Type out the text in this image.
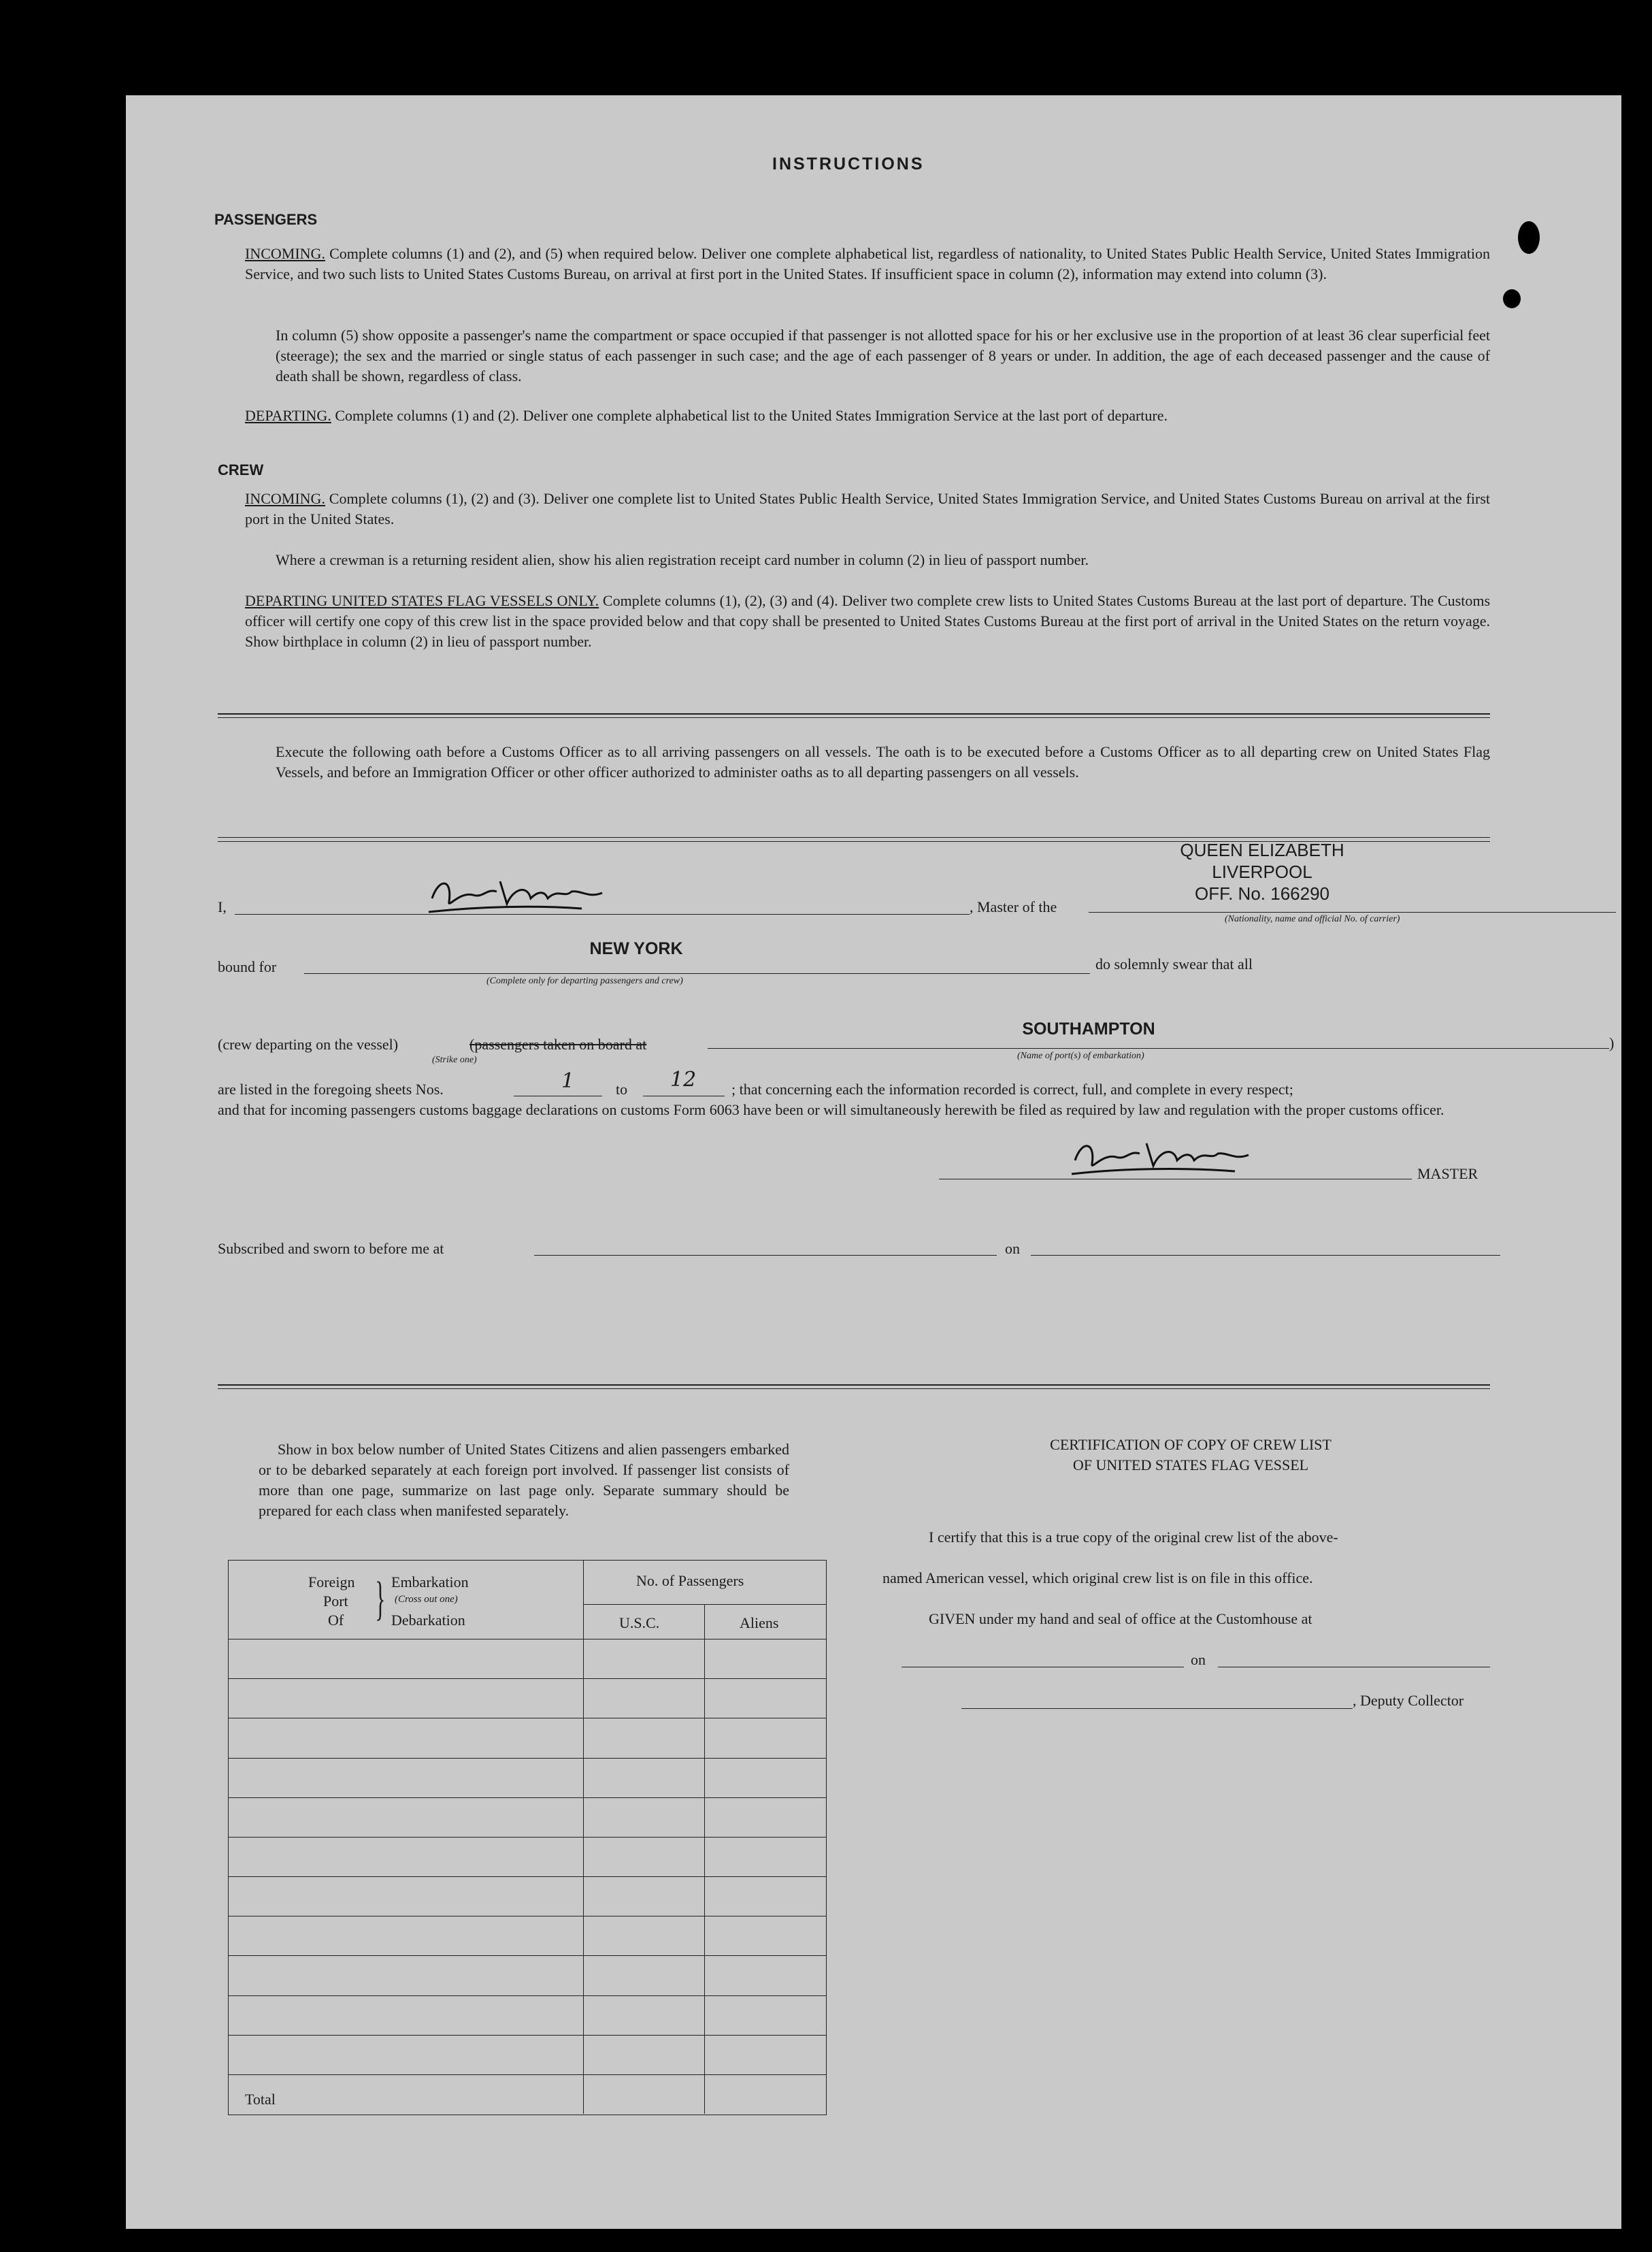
INSTRUCTIONS
PASSENGERS
INCOMING. Complete columns (1) and (2), and (5) when required below. Deliver one complete alphabetical list, regardless of nationality, to United States Public Health Service, United States Immigration Service, and two such lists to United States Customs Bureau, on arrival at first port in the United States. If insufficient space in column (2), information may extend into column (3).
In column (5) show opposite a passenger's name the compartment or space occupied if that passenger is not allotted space for his or her exclusive use in the proportion of at least 36 clear superficial feet (steerage); the sex and the married or single status of each passenger in such case; and the age of each passenger of 8 years or under. In addition, the age of each deceased passenger and the cause of death shall be shown, regardless of class.
DEPARTING. Complete columns (1) and (2). Deliver one complete alphabetical list to the United States Immigration Service at the last port of departure.
CREW
INCOMING. Complete columns (1), (2) and (3). Deliver one complete list to United States Public Health Service, United States Immigration Service, and United States Customs Bureau on arrival at the first port in the United States.
Where a crewman is a returning resident alien, show his alien registration receipt card number in column (2) in lieu of passport number.
DEPARTING UNITED STATES FLAG VESSELS ONLY. Complete columns (1), (2), (3) and (4). Deliver two complete crew lists to United States Customs Bureau at the last port of departure. The Customs officer will certify one copy of this crew list in the space provided below and that copy shall be presented to United States Customs Bureau at the first port of arrival in the United States on the return voyage. Show birthplace in column (2) in lieu of passport number.
Execute the following oath before a Customs Officer as to all arriving passengers on all vessels. The oath is to be executed before a Customs Officer as to all departing crew on United States Flag Vessels, and before an Immigration Officer or other officer authorized to administer oaths as to all departing passengers on all vessels.
I,	, Master of the
QUEEN ELIZABETH
LIVERPOOL
OFF. No. 166290
(Nationality, name and official No. of carrier)
bound for
NEW YORK
(Complete only for departing passengers and crew)
do solemnly swear that all
(crew departing on the vessel)	(passengers taken on board at
(Strike one)
SOUTHAMPTON
(Name of port(s) of embarkation)
)
are listed in the foregoing sheets Nos.	1	to 12 ; that concerning each the information recorded is correct, full, and complete in every respect;
and that for incoming passengers customs baggage declarations on customs Form 6063 have been or will simultaneously herewith be filed as required by law and regulation with the proper customs officer.
MASTER
Subscribed and sworn to before me at	on
Show in box below number of United States Citizens and alien passengers embarked or to be debarked separately at each foreign port involved. If passenger list consists of more than one page, summarize on last page only. Separate summary should be prepared for each class when manifested separately.
Foreign
Port
Of } Embarkation
(Cross out one)
Debarkation
No. of Passengers
U.S.C.	Aliens
Total
CERTIFICATION OF COPY OF CREW LIST
OF UNITED STATES FLAG VESSEL
I certify that this is a true copy of the original crew list of the above-
named American vessel, which original crew list is on file in this office.
GIVEN under my hand and seal of office at the Customhouse at
on
, Deputy Collector
